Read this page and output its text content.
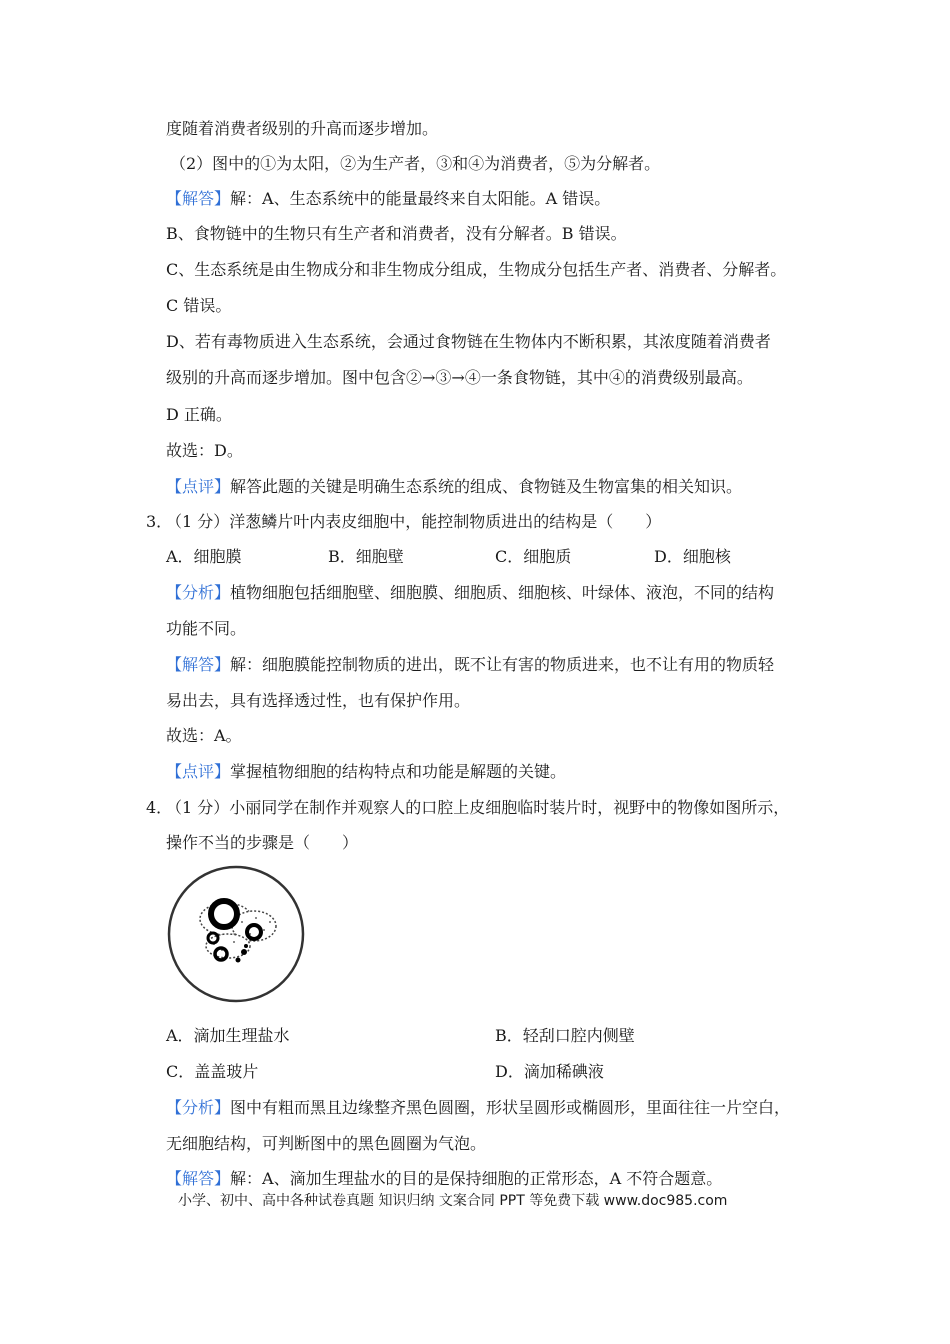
度随着消费者级别的升高而逐步增加。
（2）图中的①为太阳，②为生产者，③和④为消费者，⑤为分解者。
【解答】解：A、生态系统中的能量最终来自太阳能。A 错误。
B、食物链中的生物只有生产者和消费者，没有分解者。B 错误。
C、生态系统是由生物成分和非生物成分组成，生物成分包括生产者、消费者、分解者。
C 错误。
D、若有毒物质进入生态系统，会通过食物链在生物体内不断积累，其浓度随着消费者
级别的升高而逐步增加。图中包含②→③→④一条食物链，其中④的消费级别最高。
D 正确。
故选：D。
【点评】解答此题的关键是明确生态系统的组成、食物链及生物富集的相关知识。
3．
（1 分）洋葱鳞片叶内表皮细胞中，能控制物质进出的结构是（　　）
A．细胞膜	B．细胞壁	C．细胞质	D．细胞核
【分析】植物细胞包括细胞壁、细胞膜、细胞质、细胞核、叶绿体、液泡，不同的结构
功能不同。
【解答】解：细胞膜能控制物质的进出，既不让有害的物质进来，也不让有用的物质轻
易出去，具有选择透过性，也有保护作用。
故选：A。
【点评】掌握植物细胞的结构特点和功能是解题的关键。
4．
（1 分）小丽同学在制作并观察人的口腔上皮细胞临时装片时，视野中的物像如图所示，
操作不当的步骤是（　　）
A．滴加生理盐水	B．轻刮口腔内侧壁
C．盖盖玻片	D．滴加稀碘液
【分析】图中有粗而黑且边缘整齐黑色圆圈，形状呈圆形或椭圆形，里面往往一片空白，
无细胞结构，可判断图中的黑色圆圈为气泡。
【解答】解：A、滴加生理盐水的目的是保持细胞的正常形态，A 不符合题意。
小学、初中、高中各种试卷真题 知识归纳 文案合同 PPT 等免费下载 www.doc985.com
